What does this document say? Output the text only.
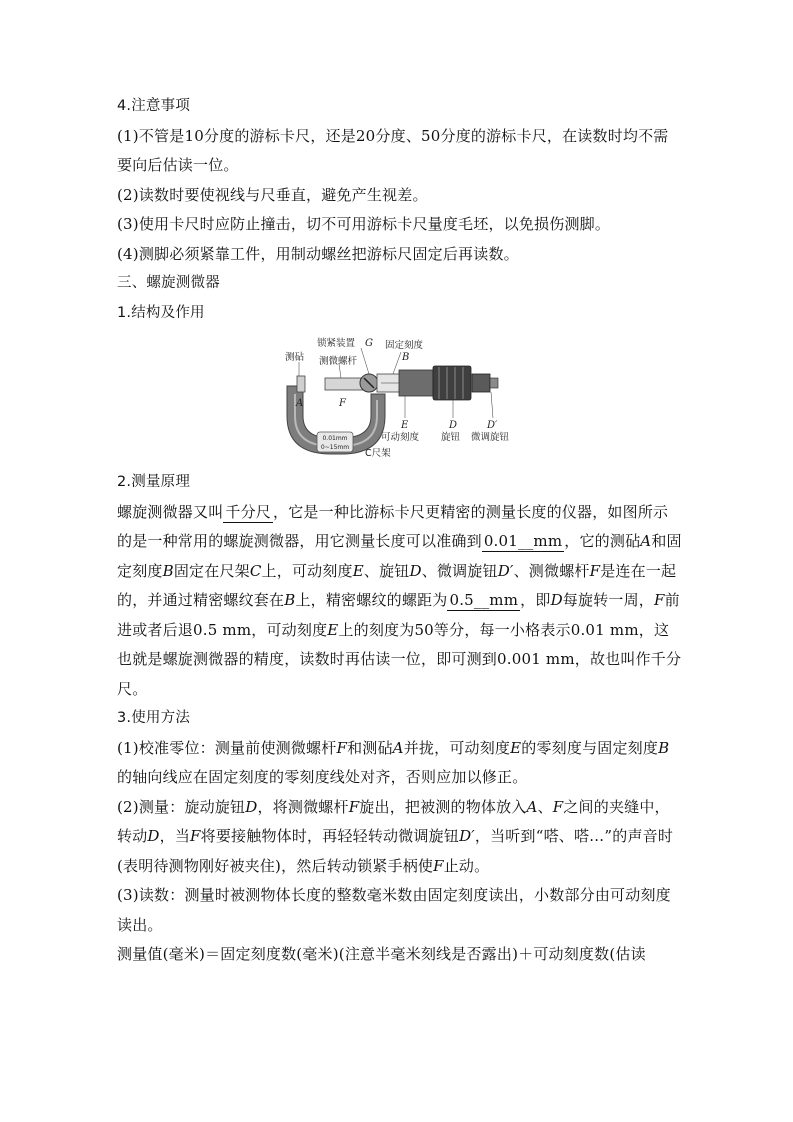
4.注意事项

(1)不管是10分度的游标卡尺，还是20分度、50分度的游标卡尺，在读数时均不需要向后估读一位。

(2)读数时要使视线与尺垂直，避免产生视差。

(3)使用卡尺时应防止撞击，切不可用游标卡尺量度毛坯，以免损伤测脚。

(4)测脚必须紧靠工件，用制动螺丝把游标尺固定后再读数。

三、螺旋测微器

1.结构及作用

0.01mm
0~15mm
测砧 测微螺杆
锁紧装置 G 固定刻度
B
A	F
E
可动刻度
D
旋钮
D′
微调旋钮
C尺架

2.测量原理

螺旋测微器又叫 千分尺 ，它是一种比游标卡尺更精密的测量长度的仪器，如图所示的是一种常用的螺旋测微器，用它测量长度可以准确到 0.01__mm ，它的测砧A和固定刻度B固定在尺架C上，可动刻度E、旋钮D、微调旋钮D′、测微螺杆F是连在一起的，并通过精密螺纹套在B上，精密螺纹的螺距为 0.5__mm ，即D每旋转一周，F前进或者后退0.5 mm，可动刻度E上的刻度为50等分，每一小格表示0.01 mm，这也就是螺旋测微器的精度，读数时再估读一位，即可测到0.001 mm，故也叫作千分尺。

3.使用方法

(1)校准零位：测量前使测微螺杆F和测砧A并拢，可动刻度E的零刻度与固定刻度B的轴向线应在固定刻度的零刻度线处对齐，否则应加以修正。

(2)测量：旋动旋钮D，将测微螺杆F旋出，把被测的物体放入A、F之间的夹缝中，转动D，当F将要接触物体时，再轻轻转动微调旋钮D′，当听到“嗒、嗒…”的声音时(表明待测物刚好被夹住)，然后转动锁紧手柄使F止动。

(3)读数：测量时被测物体长度的整数毫米数由固定刻度读出，小数部分由可动刻度读出。

测量值(毫米)＝固定刻度数(毫米)(注意半毫米刻线是否露出)＋可动刻度数(估读
